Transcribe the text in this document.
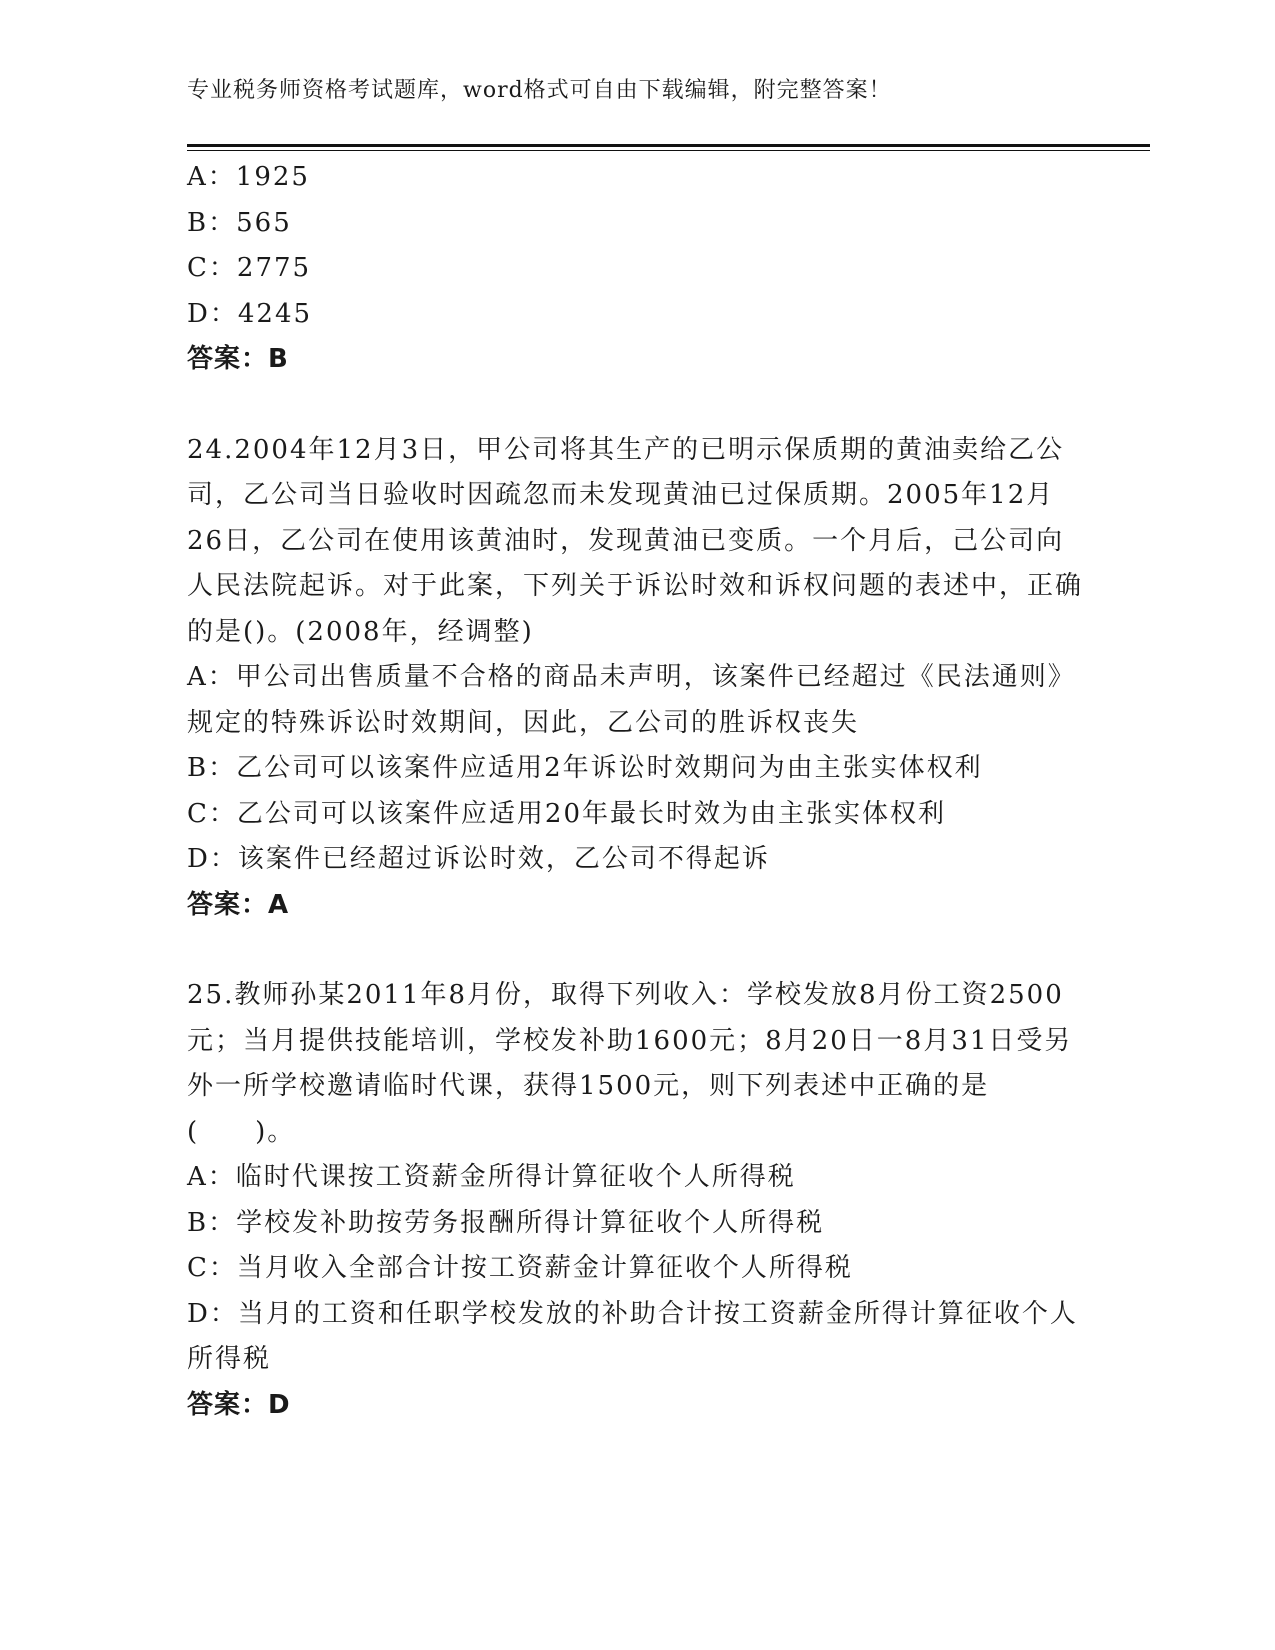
专业税务师资格考试题库，word格式可自由下载编辑，附完整答案！

A：1925

B：565

C：2775

D：4245

答案：B

24.2004年12月3日，甲公司将其生产的已明示保质期的黄油卖给乙公司，乙公司当日验收时因疏忽而未发现黄油已过保质期。2005年12月26日，乙公司在使用该黄油时，发现黄油已变质。一个月后，己公司向人民法院起诉。对于此案，下列关于诉讼时效和诉权问题的表述中，正确的是()。(2008年，经调整)

A：甲公司出售质量不合格的商品未声明，该案件已经超过《民法通则》规定的特殊诉讼时效期间，因此，乙公司的胜诉权丧失

B：乙公司可以该案件应适用2年诉讼时效期问为由主张实体权利

C：乙公司可以该案件应适用20年最长时效为由主张实体权利

D：该案件已经超过诉讼时效，乙公司不得起诉

答案：A

25.教师孙某2011年8月份，取得下列收入：学校发放8月份工资2500元；当月提供技能培训，学校发补助1600元；8月20日一8月31日受另外一所学校邀请临时代课，获得1500元，则下列表述中正确的是(　　)。

A：临时代课按工资薪金所得计算征收个人所得税

B：学校发补助按劳务报酬所得计算征收个人所得税

C：当月收入全部合计按工资薪金计算征收个人所得税

D：当月的工资和任职学校发放的补助合计按工资薪金所得计算征收个人所得税

答案：D
